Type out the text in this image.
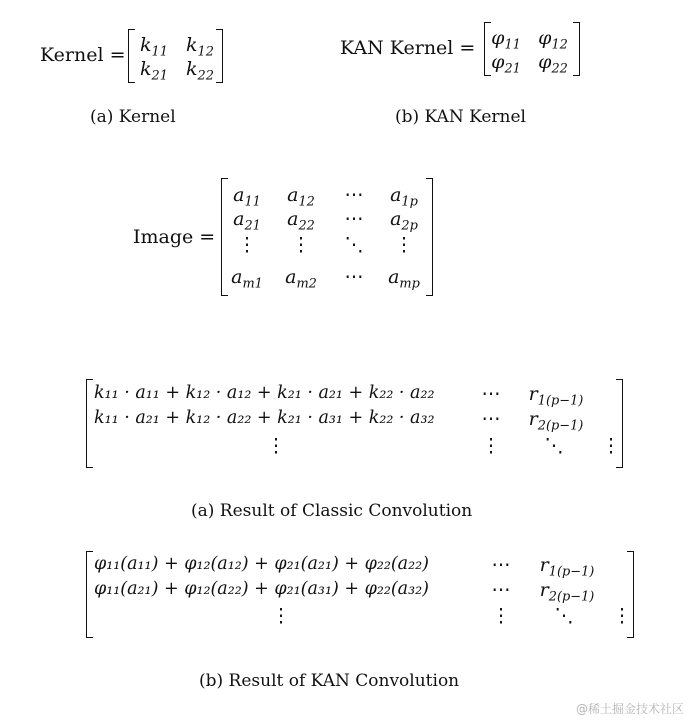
Kernel = $k_{11}$ $k_{12}$
$k_{21}$ $k_{22}$
(a) Kernel
KAN Kernel = $\varphi_{11}$ $\varphi_{12}$
$\varphi_{21}$ $\varphi_{22}$
(b) KAN Kernel
Image =
$a_{11}$ $a_{12}$ ⋯ $a_{1p}$
$a_{21}$ $a_{22}$ ⋯ $a_{2p}$
⋮ ⋮ ⋱ ⋮
$a_{m1}$ $a_{m2}$ ⋯ $a_{mp}$
k₁₁ · a₁₁ + k₁₂ · a₁₂ + k₂₁ · a₂₁ + k₂₂ · a₂₂
k₁₁ · a₂₁ + k₁₂ · a₂₂ + k₂₁ · a₃₁ + k₂₂ · a₃₂
⋯
⋯
$r_{1(p-1)}$
$r_{2(p-1)}$
⋮	⋮ ⋱ ⋮
(a) Result of Classic Convolution
φ₁₁(a₁₁) + φ₁₂(a₁₂) + φ₂₁(a₂₁) + φ₂₂(a₂₂)
φ₁₁(a₂₁) + φ₁₂(a₂₂) + φ₂₁(a₃₁) + φ₂₂(a₃₂)
⋯
⋯
$r_{1(p-1)}$
$r_{2(p-1)}$
⋮	⋮ ⋱ ⋮
(b) Result of KAN Convolution
@稀土掘金技术社区
